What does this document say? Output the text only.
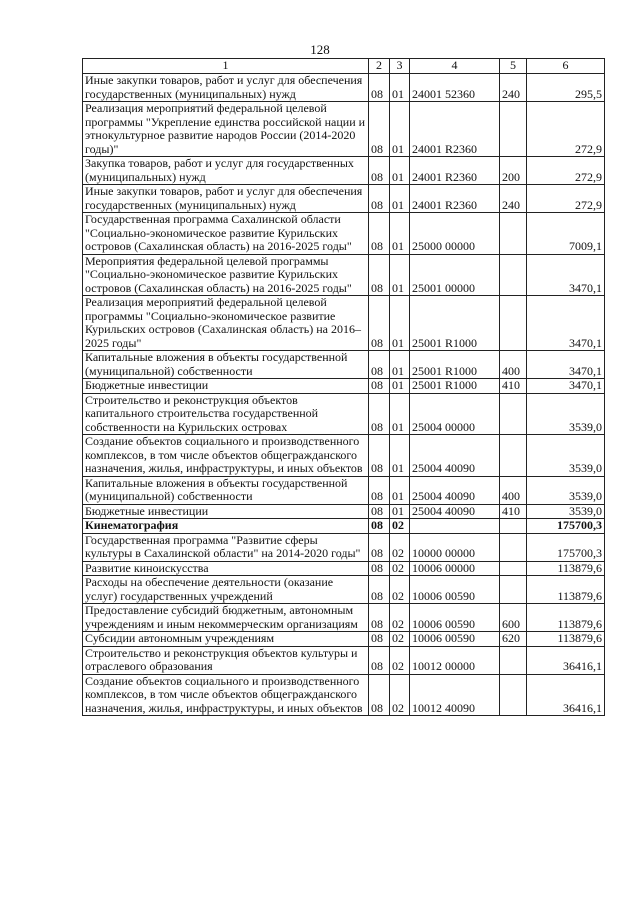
128
1	2	3	4	5	6
Иные закупки товаров, работ и услуг для обеспечения государственных (муниципальных) нужд	08	01	24001 52360	240	295,5
Реализация мероприятий федеральной целевой программы "Укрепление единства российской нации и этнокультурное развитие народов России (2014-2020 годы)"	08	01	24001 R2360		272,9
Закупка товаров, работ и услуг для государственных (муниципальных) нужд	08	01	24001 R2360	200	272,9
Иные закупки товаров, работ и услуг для обеспечения государственных (муниципальных) нужд	08	01	24001 R2360	240	272,9
Государственная программа Сахалинской области "Социально-экономическое развитие Курильских островов (Сахалинская область) на 2016-2025 годы"	08	01	25000 00000		7009,1
Мероприятия федеральной целевой программы "Социально-экономическое развитие Курильских островов (Сахалинская область) на 2016-2025 годы"	08	01	25001 00000		3470,1
Реализация мероприятий федеральной целевой программы "Социально-экономическое развитие Курильских островов (Сахалинская область) на 2016–2025 годы"	08	01	25001 R1000		3470,1
Капитальные вложения в объекты государственной (муниципальной) собственности	08	01	25001 R1000	400	3470,1
Бюджетные инвестиции	08	01	25001 R1000	410	3470,1
Строительство и реконструкция объектов капитального строительства государственной собственности на Курильских островах	08	01	25004 00000		3539,0
Создание объектов социального и производственного комплексов, в том числе объектов общегражданского назначения, жилья, инфраструктуры, и иных объектов	08	01	25004 40090		3539,0
Капитальные вложения в объекты государственной (муниципальной) собственности	08	01	25004 40090	400	3539,0
Бюджетные инвестиции	08	01	25004 40090	410	3539,0
Кинематография	08	02			175700,3
Государственная программа "Развитие сферы культуры в Сахалинской области" на 2014-2020 годы"	08	02	10000 00000		175700,3
Развитие киноискусства	08	02	10006 00000		113879,6
Расходы на обеспечение деятельности (оказание услуг) государственных учреждений	08	02	10006 00590		113879,6
Предоставление субсидий бюджетным, автономным учреждениям и иным некоммерческим организациям	08	02	10006 00590	600	113879,6
Субсидии автономным учреждениям	08	02	10006 00590	620	113879,6
Строительство и реконструкция объектов культуры и отраслевого образования	08	02	10012 00000		36416,1
Создание объектов социального и производственного комплексов, в том числе объектов общегражданского назначения, жилья, инфраструктуры, и иных объектов	08	02	10012 40090		36416,1
